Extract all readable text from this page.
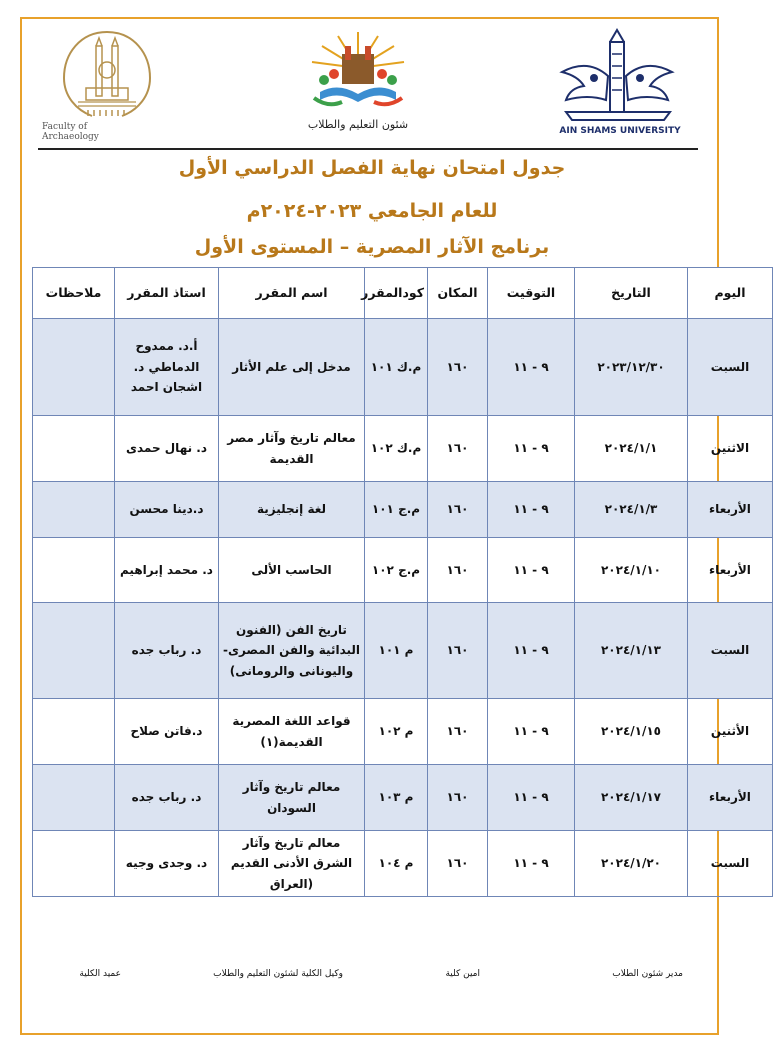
Faculty of
Archaeology
شئون التعليم والطلاب	AIN SHAMS UNIVERSITY
جدول امتحان نهاية الفصل الدراسي الأول
للعام الجامعي ٢٠٢٣-٢٠٢٤م
برنامج الآثار المصرية – المستوى الأول
اليوم	التاريخ	التوقيت	المكان	كودالمقرر	اسم المقرر	استاذ المقرر	ملاحظات
السبت	٢٠٢٣/١٢/٣٠	٩ - ١١	١٦٠	م.ك ١٠١	مدخل إلى علم الأثار	أ.د. ممدوح الدماطي د. اشجان احمد	
الاثنين	٢٠٢٤/١/١	٩ - ١١	١٦٠	م.ك ١٠٢	معالم تاريخ وآثار مصر القديمة	د. نهال حمدى	
الأربعاء	٢٠٢٤/١/٣	٩ - ١١	١٦٠	م.ج ١٠١	لغة إنجليزية	د.دينا محسن	
الأربعاء	٢٠٢٤/١/١٠	٩ - ١١	١٦٠	م.ج ١٠٢	الحاسب الألى	د. محمد إبراهيم	
السبت	٢٠٢٤/١/١٣	٩ - ١١	١٦٠	م ١٠١	تاريخ الفن (الفنون البدائية والفن المصرى- واليونانى والرومانى)	د. رباب جده	
الأثنين	٢٠٢٤/١/١٥	٩ - ١١	١٦٠	م ١٠٢	قواعد اللغة المصرية القديمة(١)	د.فاتن صلاح	
الأربعاء	٢٠٢٤/١/١٧	٩ - ١١	١٦٠	م ١٠٣	معالم تاريخ وآثار السودان	د. رباب جده	
السبت	٢٠٢٤/١/٢٠	٩ - ١١	١٦٠	م ١٠٤	معالم تاريخ وآثار الشرق الأدنى القديم (العراق	د. وجدى وجيه	
مدير شئون الطلاب
امين كلية
وكيل الكلية لشئون التعليم والطلاب
عميد الكلية
